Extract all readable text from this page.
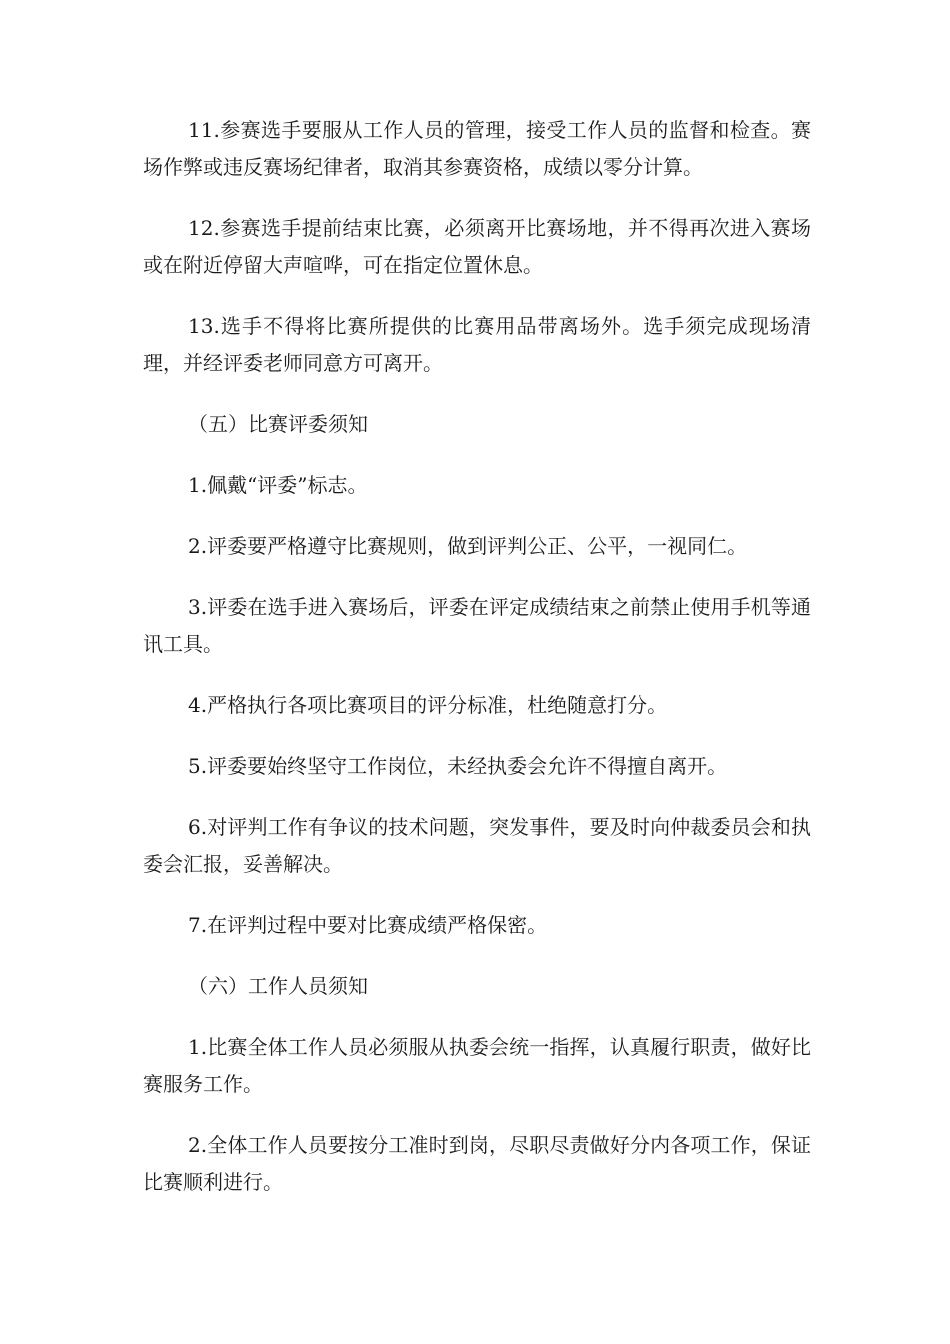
11.参赛选手要服从工作人员的管理，接受工作人员的监督和检查。赛场作弊或违反赛场纪律者，取消其参赛资格，成绩以零分计算。

12.参赛选手提前结束比赛，必须离开比赛场地，并不得再次进入赛场或在附近停留大声喧哗，可在指定位置休息。

13.选手不得将比赛所提供的比赛用品带离场外。选手须完成现场清理，并经评委老师同意方可离开。

（五）比赛评委须知

1.佩戴“评委”标志。

2.评委要严格遵守比赛规则，做到评判公正、公平，一视同仁。

3.评委在选手进入赛场后，评委在评定成绩结束之前禁止使用手机等通讯工具。

4.严格执行各项比赛项目的评分标准，杜绝随意打分。

5.评委要始终坚守工作岗位，未经执委会允许不得擅自离开。

6.对评判工作有争议的技术问题，突发事件，要及时向仲裁委员会和执委会汇报，妥善解决。

7.在评判过程中要对比赛成绩严格保密。

（六）工作人员须知

1.比赛全体工作人员必须服从执委会统一指挥，认真履行职责，做好比赛服务工作。

2.全体工作人员要按分工准时到岗，尽职尽责做好分内各项工作，保证比赛顺利进行。
